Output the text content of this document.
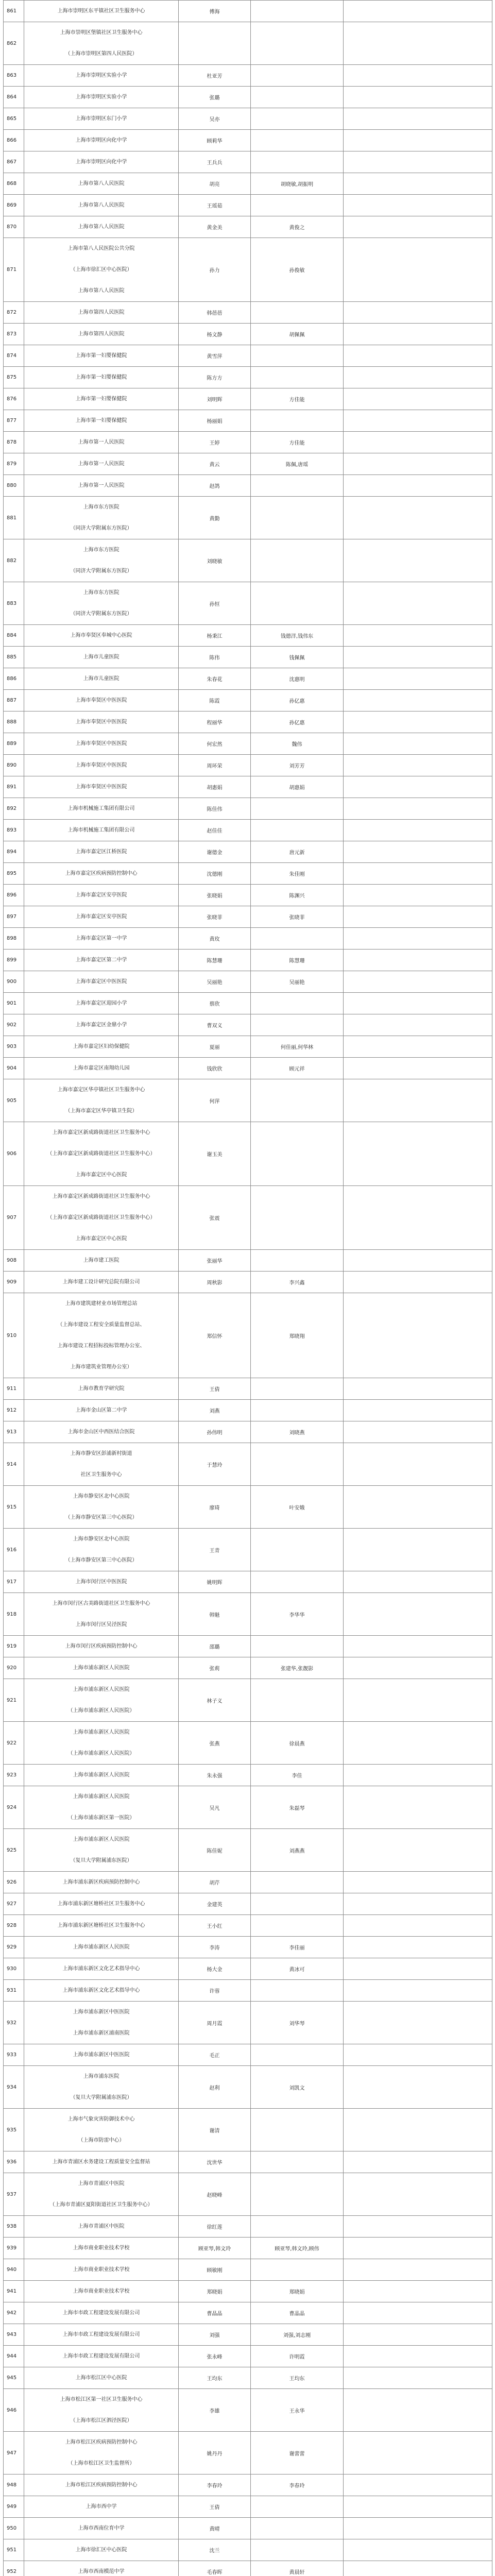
861	上海市崇明区东平镇社区卫生服务中心	傅海		
862	上海市崇明区堡镇社区卫生服务中心
（上海市崇明区第四人民医院）			

863	上海市崇明区实验小学	杜亚芳		
864	上海市崇明区实验小学	张璐		
865	上海市崇明区东门小学	吴亦		
866	上海市崇明区向化中学	顾莉华		
867	上海市崇明区向化中学	王兵兵		
868	上海市第八人民医院	胡亮	胡晓敏,胡振明	
869	上海市第八人民医院	王瑶茹		
870	上海市第八人民医院	黄金美	黄俊之	
871	上海市第八人民医院公共分院
（上海市徐汇区中心医院）
上海市第八人民医院	孙力	孙俊敏	
872	上海市第四人民医院	韩蓓蓓		
873	上海市第四人民医院	杨文静	胡佩佩	
874	上海市第一妇婴保健院	黄雪萍		
875	上海市第一妇婴保健院	陈方方		
876	上海市第一妇婴保健院	刘明辉	方佳能	
877	上海市第一妇婴保健院	杨丽娟		
878	上海市第一人民医院	王婷	方佳能	
879	上海市第一人民医院	黄云	陈佩,唐瑶	
880	上海市第一人民医院	赵鸽		
881	上海市东方医院
（同济大学附属东方医院）	黄勤		
882	上海市东方医院
（同济大学附属东方医院）	刘晓敏		
883	上海市东方医院
（同济大学附属东方医院）	孙恒		
884	上海市奉贤区奉城中心医院	杨秉江	钱德洋,钱伟东	
885	上海市儿童医院	陈伟	钱佩佩	
886	上海市儿童医院	朱春花	沈惠明	
887	上海市奉贤区中医医院	陈霞	孙亿惠	
888	上海市奉贤区中医医院	程丽华	孙亿惠	
889	上海市奉贤区中医医院	何宏然	魏伟	
890	上海市奉贤区中医医院	周环荣	刘芳芳	
891	上海市奉贤区中医医院	胡惠娟	胡惠娟	
892	上海市机械施工集团有限公司	陈佳伟		
893	上海市机械施工集团有限公司	赵佳佳		
894	上海市嘉定区江桥医院	谢德金	唐元新	
895	上海市嘉定区疾病预防控制中心	沈德刚	朱佳刚	
896	上海市嘉定区安亭医院	张晓娟	陈渊兴	
897	上海市嘉定区安亭医院	张晓菲	张晓菲	
898	上海市嘉定区第一中学	黄玫		
899	上海市嘉定区第二中学	陈慧珊	陈慧珊	
900	上海市嘉定区中医医院	吴丽艳	吴丽艳	
901	上海市嘉定区迎园小学	蔡欣		
902	上海市嘉定区金鼎小学	曹双义		
903	上海市嘉定区妇幼保健院	夏丽	何佳丽,何华林	
904	上海市嘉定区南翔幼儿园	钱欣欣	顾元祥	
905	上海市嘉定区华亭镇社区卫生服务中心
（上海市嘉定区华亭镇卫生院）	何萍		
906	上海市嘉定区新成路街道社区卫生服务中心
（上海市嘉定区新成路街道社区卫生服务中心）
上海市嘉定区中心医院	谢玉美		
907	上海市嘉定区新成路街道社区卫生服务中心
（上海市嘉定区新成路街道社区卫生服务中心）
上海市嘉定区中心医院	张震		
908	上海市建工医院	张丽华		
909	上海市建工设计研究总院有限公司	周秋影	李兴鑫	
910	上海市建筑建材业市场管理总站
（上海市建设工程安全质量监督总站、
上海市建设工程招标投标管理办公室、
上海市建筑业管理办公室）	郑信怀	郑晓翔	
911	上海市教育学研究院	王倩		
912	上海市金山区第二中学	刘燕		
913	上海市金山区中西医结合医院	孙伟明	刘晓燕	
914	上海市静安区彭浦新村街道
社区卫生服务中心	于慧玲		
915	上海市静安区北中心医院
（上海市静安区第三中心医院）	廖琦	叶安娥	
916	上海市静安区北中心医院
（上海市静安区第三中心医院）	王青		
917	上海市闵行区中医医院	姚明辉		
918	上海市闵行区古美路街道社区卫生服务中心
上海市闵行区吴泾医院	韩魁	李华华	
919	上海市闵行区疾病预防控制中心	邵璐		
920	上海市浦东新区人民医院	张莉	张建华,张靓影	
921	上海市浦东新区人民医院
（上海市浦东新区人民医院）	林子义		
922	上海市浦东新区人民医院
（上海市浦东新区人民医院）	张燕	徐晨燕	
923	上海市浦东新区人民医院	朱永强	李佳	
924	上海市浦东新区人民医院
（上海市浦东新区第一医院）	吴凡	朱磊琴	
925	上海市浦东新区人民医院
（复旦大学附属浦东医院）	陈佳妮	刘燕燕	
926	上海市浦东新区疾病预防控制中心	胡芹		
927	上海市浦东新区塘桥社区卫生服务中心	金建英		
928	上海市浦东新区塘桥社区卫生服务中心	王小红		
929	上海市浦东新区人民医院	李涛	李佳丽	
930	上海市浦东新区文化艺术指导中心	杨大金	黄冰可	
931	上海市浦东新区文化艺术指导中心	许蓉		
932	上海市浦东新区中医医院
上海市浦东新区浦南医院	周月霞	刘华琴	
933	上海市浦东新区中医医院	毛正		
934	上海市浦东医院
（复旦大学附属浦东医院）	赵利	刘凯文	
935	上海市气象灾害防御技术中心
（上海市防雷中心）	谢清		
936	上海市青浦区水务建设工程质量安全监督站	沈世华		
937	上海市青浦区中医院
（上海市青浦区夏阳街道社区卫生服务中心）	赵晓峰		
938	上海市青浦区中医院	徐红莲		
939	上海市商业职业技术学校	顾亚琴,韩文玲	顾亚琴,韩文玲,顾伟	
940	上海市商业职业技术学校	顾敏刚		
941	上海市商业职业技术学校	郑晓娟	郑晓娟	
942	上海市市政工程建设发展有限公司	曹晶晶	曹晶晶	
943	上海市市政工程建设发展有限公司	刘强	刘强,刘志刚	
944	上海市市政工程建设发展有限公司	张永峰	许明霞	
945	上海市松江区中心医院	王均东	王均东	
946	上海市松江区第一社区卫生服务中心
（上海市松江区泗泾医院）	李雄	王永华	
947	上海市松江区疾病预防控制中心
（上海市松江区卫生监督所）	姚丹丹	谢蕾蕾	
948	上海市松江区疾病预防控制中心	李春玲	李春玲	
949	上海市西中学	王倩		
950	上海市西南位育中学	黄晴		
951	上海市徐汇区中心医院	沈兰		
952	上海市西南模范中学	毛春晖	黄晨轩	
